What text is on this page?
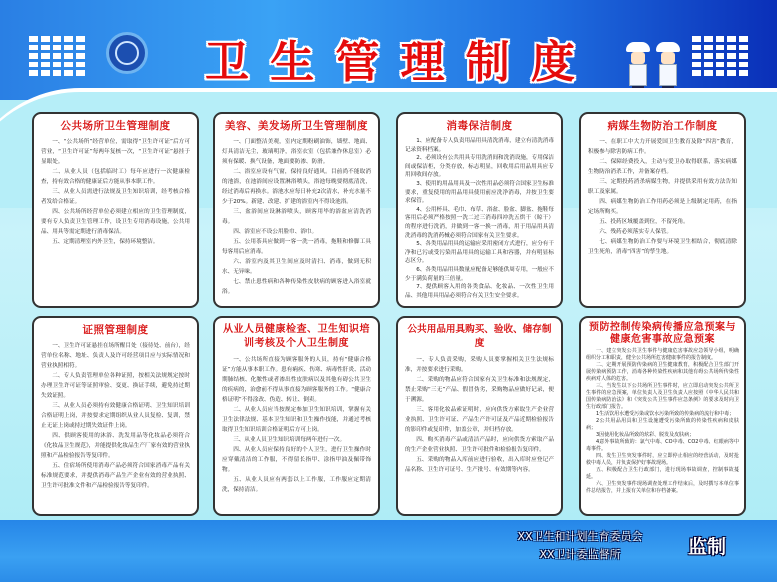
卫 生 管 理 制 度
公共场所卫生管理制度

一、“公共场所”经营单位，需取得“卫生许可证”后方可营业，“卫生许可证”每两年复核一次，“卫生许可证”悬挂于显眼处。

二、从业人员（包括临时工）每年应进行一次健康检查，持有效合格的健康证后方能从事本职工作。

三、从业人员需进行法规及卫生知识培训，经考核合格者发给合格证。

四、公共场所经营单位必须建立相应的卫生管理制度，要有专人负责卫生管理工作，设卫生专用消毒设施，公共用品、用具等需定期进行消毒保洁。

五、定期清理室内外卫生，保持环境整洁。

美容、美发场所卫生管理制度

一、门面整洁美观，室内定期粉刷油饰，墙壁、地面、灯具清洁无尘，玻璃明净，浴室衣室（包括兼作休息室）必须有保暖、换气设备，地面要防渗、防滑。

二、浴室应设有气窗，保持良好通风。目前尚不能取消的池浴，在池浴间应设置淋浴喷头，浴池每晚要彻底清洗，经过消毒后再换水。浴池水应每日补充2次清水，补充水量不少于20%。新建、改建、扩建的浴室内不得设池浴。

三、盆浴间应设淋浴喷头，顾客用毕的浴盆应清洗消毒。

四、浴室应不设公用脸巾、浴巾。

五、公用茶具应做到一客一洗一消毒，拖鞋和修脚工具每客用后应消毒。

六、浴室内及其卫生间应及时清扫、消毒，做到无积水、无异味。

七、禁止患性病和各种传染性皮肤病的顾客进入浴室就浴。

消毒保洁制度

1、应配备专人负责用品用具清洗消毒，建立有清洗消毒记录资料档案。

2、必须设有公共用具专用洗消间和洗消设施，专用保洁间或保洁柜，分类存放，标志明显，回收用后用品用具应专用回收间存放。

3、使用的用品用具及一次性用品必须符合国家卫生标准要求，重复使用的用品用具使用前应洗净消毒，并按卫生要求保管。

4、公用杯具、毛巾、布草、浴盆、脸盆、脚盆、拖鞋每客用后必须严格按照一洗二过三消毒四冲洗五烘干（晾干）的程序进行洗消，并做到一客一换一消毒，用于用品用具清洗消毒的洗消药械必须符合国家有关卫生要求。

5、各类用品用具的运输应采用密闭方式进行，应分有干净和已污或受污染用品用具的运输工具和容器，并有明显标志区分。

6、各类用品用具数量应配备足够能供周专用，一般应不少于满负荷量的三倍量。

7、提供顾客入用的各类食品、化妆品、一次性卫生用品、其他用具用品必须符合有关卫生安全要求。

病媒生物防治工作制度

一、在职工中大力开展爱国卫生教育及除“四害”教育，积极参与除害防病工作。

二、保障经费投入，主动与爱卫办取得联系，落实病媒生物防治消杀工作，并备案存档。

三、定期投药消杀病媒生物，并提供采用有效方法告知职工及家属。

四、病媒生物防治工作用药必须是上级制定用药，在指定场所购买。

五、投药区域覆盖到位，不留死角。

六、残药必须落实专人保管。

七、病媒生物防治工作要与环境卫生相结合，彻底清除卫生死角，消毒“四害”的孳生地。

证照管理制度

一、卫生许可证悬挂在场所醒目处（接待处、前台），经营单位名称、地址、负责人及许可经营项目应与实际情况和营业执照相符。

二、专人负责管理单位各种证照，按相关法规规定按时办理卫生许可证等证照审验、变更、换证手续，避免持过期失效证照。

三、从业人员必须持有效健康合格证明、卫生知识培训合格证明上岗，并按要求定期组织从业人员复检、复训，禁止无证上岗或持过期失效证件上岗。

四、供顾客使用的沐浴、洗发用品等化妆品必须符合《化妆品卫生规范》，并能提供化妆品生产厂家有效的营业执照和产品检验报告等复印件。

五、住宿场所使用消毒产品必须符合国家消毒产品有关标准规范要求，并提供消毒产品生产企业有效的营业执照、卫生许可批准文件和产品检验报告等复印件。

从业人员健康检查、卫生知识培训考核及个人卫生制度

一、公共场所直接为顾客服务的人员，持有“健康合格证”方能从事本职工作。患有痢疾、伤寒、病毒性肝炎、活动期肺结核、化脓性或者渗出性皮肤病以及其他有碍公共卫生的疾病的，治愈前不得从事直接为顾客服务的工作。“健康合格证明”不得涂改、伪造、转让、倒卖。

二、从业人员应当按规定参加卫生知识培训，掌握有关卫生法律法规、基本卫生知识和卫生操作技能，并通过考核取得卫生知识培训合格证明后方可上岗。

三、从业人员卫生知识培训每两年进行一次。

四、从业人员应保持良好的个人卫生，进行卫生操作时应穿戴清洁的工作服，不得留长指甲、涂指甲油及佩带饰物。

五、从业人员应有两套以上工作服，工作服应定期清洗，保持清洁。

公共用品用具购买、验收、储存制度

一、专人负责采购，采购人员要掌握相关卫生法规标准，并按要求进行采购。

二、采购的物品应符合国家有关卫生标准和法规规定，禁止采购“三无”产品、假冒伪劣，采购物品应做好记录，便于溯源。

三、客用化妆品索证明时，应向供货方索取生产企业营业执照、卫生许可证、产品生产许可证及产品近期检验报告的影印件或复印件，加盖公章，并归档存放。

四、购买消毒产品或清洁产品时，应向供货方索取产品的生产企业营业执照、卫生许可批件和检验报告复印件。

五、采购的物品入库前应进行验收，出入库时应登记产品名称、卫生许可证号、生产批号、有效期等内容。

预防控制传染病传播应急预案与健康危害事故应急预案

一、建立突发公共卫生事件与健康危害事故应急领导小组，明确组织分工和职责，健全公共场所危害健康事件的报告制度。

二、定期开展预防传染病的卫生健康教育，积极配合卫生部门开展传染病预防工作，消毒各种传染性疾病和其他有碍公共场所传染性疾病对人体的危害。

三、当发生以下公共场所卫生事件时，应立即启动突发公共所卫生事件的应急预案，单位负责人及卫生负责人应按照《中华人民共和国传染病防治法》和《突发公共卫生事件应急条例》的要求及时向卫生行政部门报告。

1生活饮用水遭受污染或饮水污染所致的传染病的流行和中毒；

2公共用品用具和卫生设施遭受污染所致的传染性疾病和皮肤病；

3因使用化妆品所致的炫彩、脱发及皮肤病；

4意外事故所致的：氯气中毒、CO中毒、CO2中毒、红眼病等中毒事件。

四、发生卫生突发事件时，应立即停止相应的经营活动，及时抢救中毒人员，并负责保护好事故现场。

五、积极配合卫生行政部门，进行现场事故调查，控制事故蔓延。

六、卫生突发事件现场调查处理工作结束后，及时撰写本单位事件总结报告，并上报有关单位和存档备案。

XX卫生和计划生育委员会
XX卫计委监督所	监制
